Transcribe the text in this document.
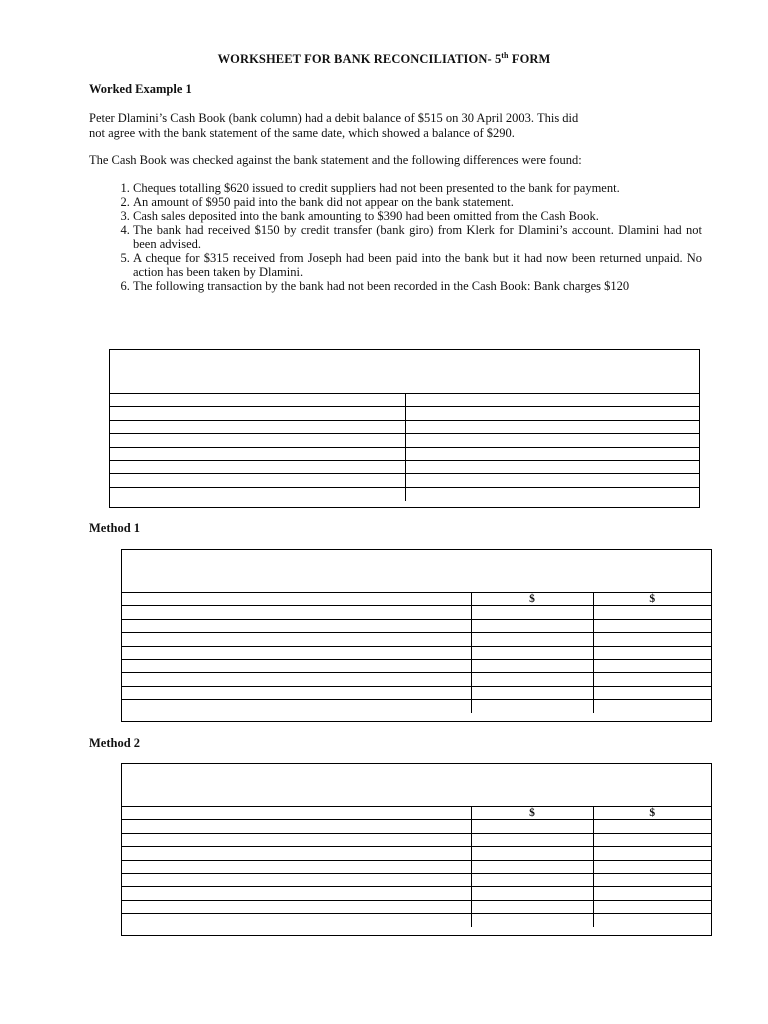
WORKSHEET FOR BANK RECONCILIATION- 5th FORM
Worked Example 1
Peter Dlamini’s Cash Book (bank column) had a debit balance of $515 on 30 April 2003. This did
not agree with the bank statement of the same date, which showed a balance of $290.
The Cash Book was checked against the bank statement and the following differences were found:
1. Cheques totalling $620 issued to credit suppliers had not been presented to the bank for payment.
2. An amount of $950 paid into the bank did not appear on the bank statement.
3. Cash sales deposited into the bank amounting to $390 had been omitted from the Cash Book.
4. The bank had received $150 by credit transfer (bank giro) from Klerk for Dlamini’s account. Dlamini had not been advised.
5. A cheque for $315 received from Joseph had been paid into the bank but it had now been returned unpaid. No action has been taken by Dlamini.
6. The following transaction by the bank had not been recorded in the Cash Book: Bank charges $120

Method 1
	$	$

Method 2
	$	$
